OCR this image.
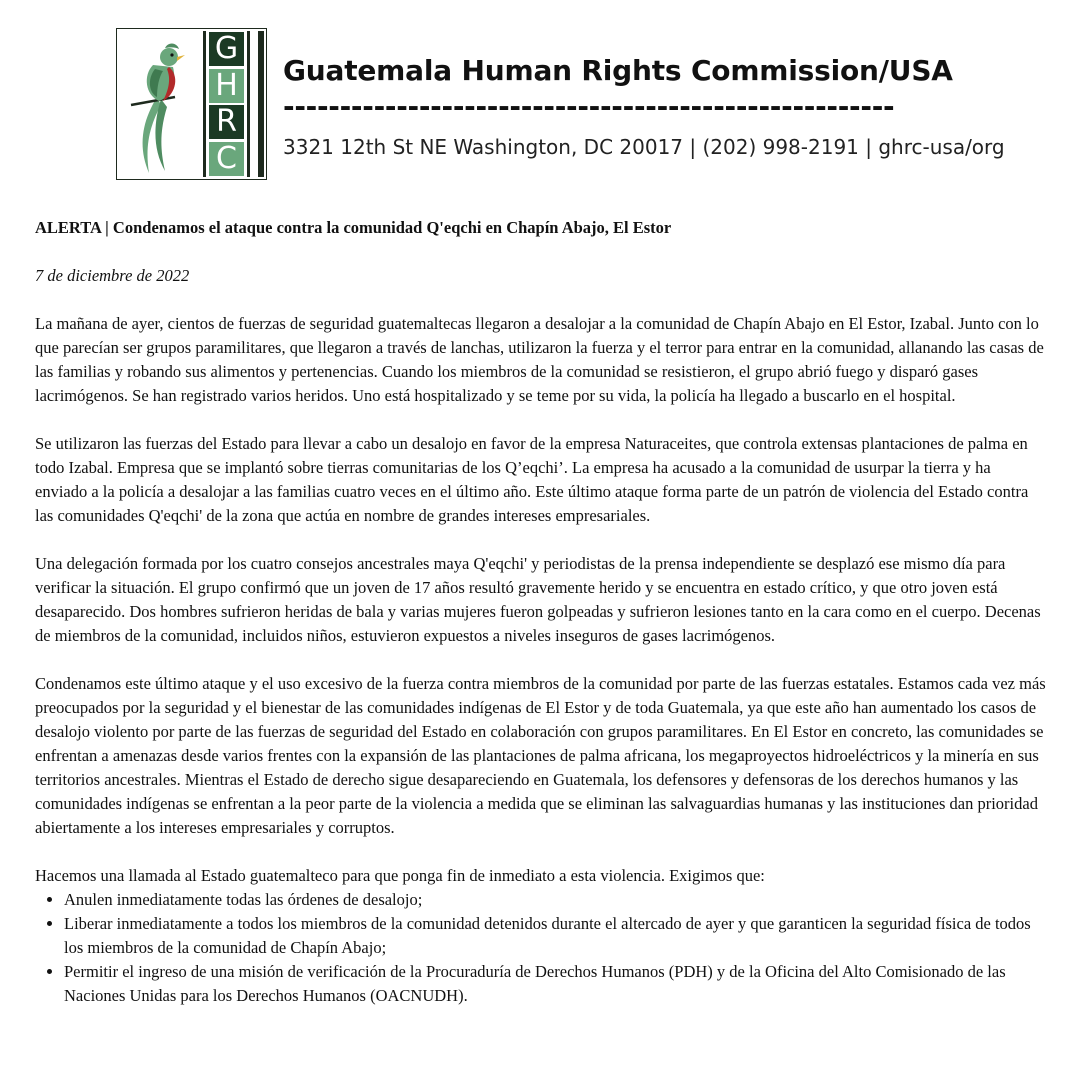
G
H
R
C
Guatemala Human Rights Commission/USA
------------------------------------------------------
3321 12th St NE Washington, DC 20017 | (202) 998-2191 | ghrc-usa/org

ALERTA | Condenamos el ataque contra la comunidad Q'eqchi en Chapín Abajo, El Estor

7 de diciembre de 2022

La mañana de ayer, cientos de fuerzas de seguridad guatemaltecas llegaron a desalojar a la comunidad de Chapín Abajo en El Estor, Izabal. Junto con lo que parecían ser grupos paramilitares, que llegaron a través de lanchas, utilizaron la fuerza y el terror para entrar en la comunidad, allanando las casas de las familias y robando sus alimentos y pertenencias. Cuando los miembros de la comunidad se resistieron, el grupo abrió fuego y disparó gases lacrimógenos. Se han registrado varios heridos. Uno está hospitalizado y se teme por su vida, la policía ha llegado a buscarlo en el hospital.

Se utilizaron las fuerzas del Estado para llevar a cabo un desalojo en favor de la empresa Naturaceites, que controla extensas plantaciones de palma en todo Izabal. Empresa que se implantó sobre tierras comunitarias de los Q’eqchi’. La empresa ha acusado a la comunidad de usurpar la tierra y ha enviado a la policía a desalojar a las familias cuatro veces en el último año. Este último ataque forma parte de un patrón de violencia del Estado contra las comunidades Q'eqchi' de la zona que actúa en nombre de grandes intereses empresariales.

Una delegación formada por los cuatro consejos ancestrales maya Q'eqchi' y periodistas de la prensa independiente se desplazó ese mismo día para verificar la situación. El grupo confirmó que un joven de 17 años resultó gravemente herido y se encuentra en estado crítico, y que otro joven está desaparecido. Dos hombres sufrieron heridas de bala y varias mujeres fueron golpeadas y sufrieron lesiones tanto en la cara como en el cuerpo. Decenas de miembros de la comunidad, incluidos niños, estuvieron expuestos a niveles inseguros de gases lacrimógenos.

Condenamos este último ataque y el uso excesivo de la fuerza contra miembros de la comunidad por parte de las fuerzas estatales. Estamos cada vez más preocupados por la seguridad y el bienestar de las comunidades indígenas de El Estor y de toda Guatemala, ya que este año han aumentado los casos de desalojo violento por parte de las fuerzas de seguridad del Estado en colaboración con grupos paramilitares. En El Estor en concreto, las comunidades se enfrentan a amenazas desde varios frentes con la expansión de las plantaciones de palma africana, los megaproyectos hidroeléctricos y la minería en sus territorios ancestrales. Mientras el Estado de derecho sigue desapareciendo en Guatemala, los defensores y defensoras de los derechos humanos y las comunidades indígenas se enfrentan a la peor parte de la violencia a medida que se eliminan las salvaguardias humanas y las instituciones dan prioridad abiertamente a los intereses empresariales y corruptos.

Hacemos una llamada al Estado guatemalteco para que ponga fin de inmediato a esta violencia. Exigimos que:

• Anulen inmediatamente todas las órdenes de desalojo;
• Liberar inmediatamente a todos los miembros de la comunidad detenidos durante el altercado de ayer y que garanticen la seguridad física de todos los miembros de la comunidad de Chapín Abajo;
• Permitir el ingreso de una misión de verificación de la Procuraduría de Derechos Humanos (PDH) y de la Oficina del Alto Comisionado de las Naciones Unidas para los Derechos Humanos (OACNUDH).
